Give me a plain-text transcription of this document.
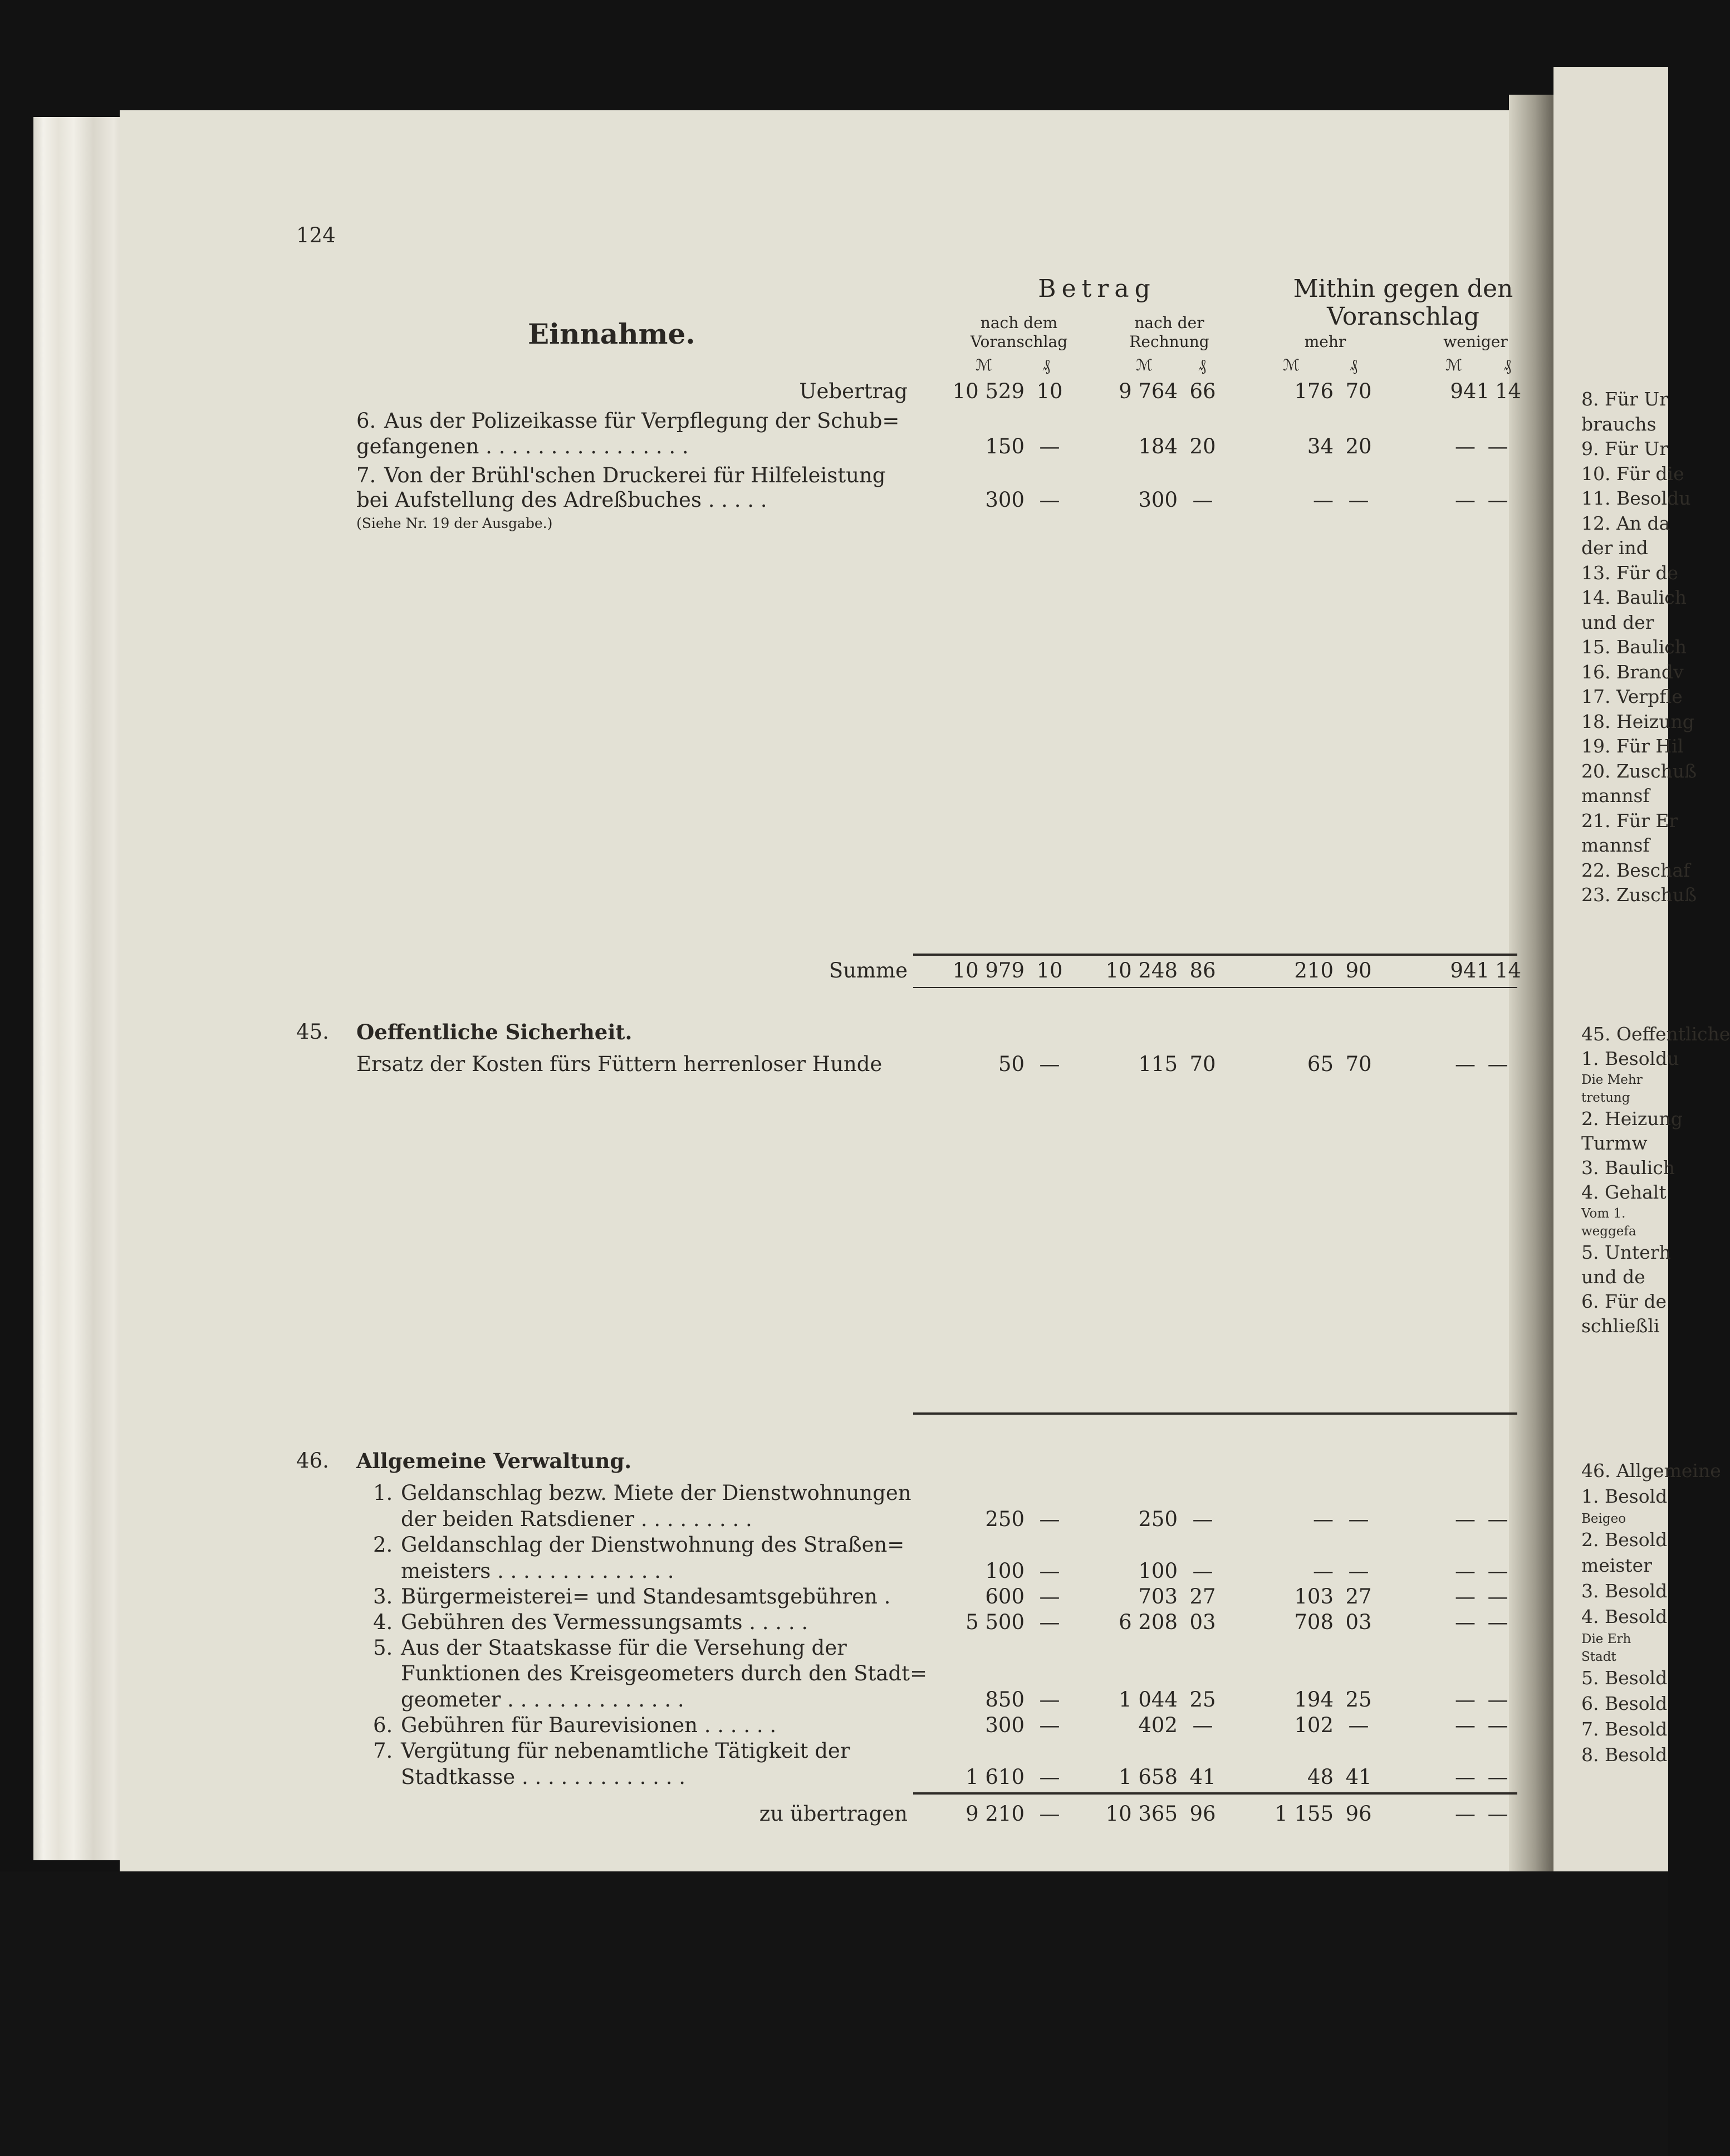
124
Einnahme.
Betrag	Mithin gegen den
Voranschlag
nach dem
Voranschlag
nach der
Rechnung	mehr	weniger
ℳ	₰	ℳ	₰	ℳ	₰	ℳ	₰
Uebertrag	10 529 10	9 764 66	176 70	941 14
6. Aus der Polizeikasse für Verpflegung der Schub=
gefangenen . . . . . . . . . . . . . . . .	150 —	184 20	34 20	— —
7. Von der Brühl'schen Druckerei für Hilfeleistung
bei Aufstellung des Adreßbuches . . . . .
(Siehe Nr. 19 der Ausgabe.)
300 —	300 —	— —	— —
Summe	10 979 10	10 248 86	210 90	941 14
45. Oeffentliche Sicherheit.
Ersatz der Kosten fürs Füttern herrenloser Hunde	50 —	115 70	65 70	— —
46. Allgemeine Verwaltung.
1. Geldanschlag bezw. Miete der Dienstwohnungen
der beiden Ratsdiener . . . . . . . . .	250 —	250 —	— —	— —
2. Geldanschlag der Dienstwohnung des Straßen=
meisters . . . . . . . . . . . . . .	100 —	100 —	— —	— —
3. Bürgermeisterei= und Standesamtsgebühren .	600 —	703 27	103 27	— —
4. Gebühren des Vermessungsamts . . . . .	5 500 —	6 208 03	708 03	— —
5. Aus der Staatskasse für die Versehung der
Funktionen des Kreisgeometers durch den Stadt=
geometer . . . . . . . . . . . . . .	850 —	1 044 25	194 25	— —
6. Gebühren für Baurevisionen . . . . . .	300 —	402 —	102 —	— —
7. Vergütung für nebenamtliche Tätigkeit der
Stadtkasse . . . . . . . . . . . . .	1 610 —	1 658 41	48 41	— —
zu übertragen	9 210 —	10 365 96	1 155 96	— —
8. Für Ur
brauchs
9. Für Ur
10. Für die
11. Besoldu
12. An da
der ind
13. Für de
14. Baulich
und der
15. Baulich
16. Brandv
17. Verpfle
18. Heizung
19. Für Hil
20. Zuschuß
mannsf
21. Für Er
mannsf
22. Beschaf
23. Zuschuß
45. Oeffentliche
1. Besoldu
Die Mehr
tretung
2. Heizung
Turmw
3. Baulich
4. Gehalt
Vom 1.
weggefa
5. Unterh
und de
6. Für de
schließli
46. Allgemeine
1. Besold
Beigeo
2. Besold
meister
3. Besold
4. Besold
Die Erh
Stadt
5. Besold
6. Besold
7. Besold
8. Besold
